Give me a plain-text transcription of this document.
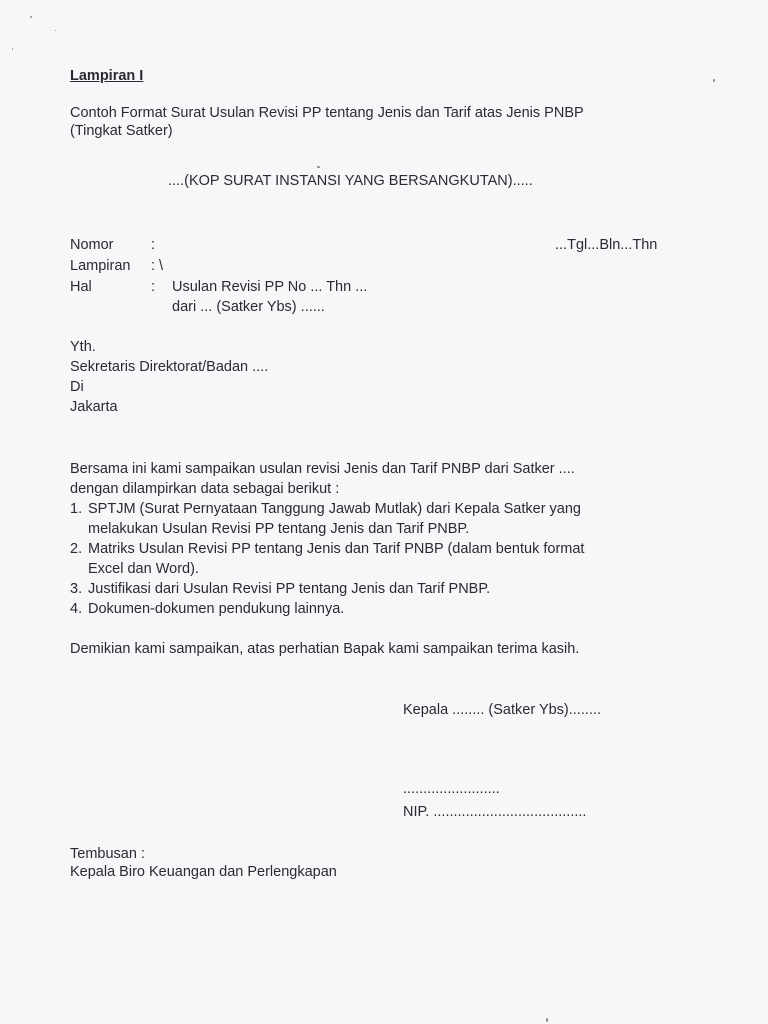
Lampiran I
Contoh Format Surat Usulan Revisi PP tentang Jenis dan Tarif atas Jenis PNBP
(Tingkat Satker)
....(KOP SURAT INSTANSI YANG BERSANGKUTAN).....
Nomor	:	...Tgl...Bln...Thn
Lampiran : \
Hal	: Usulan Revisi PP No ... Thn ...
dari ... (Satker Ybs) ......
Yth.
Sekretaris Direktorat/Badan ....
Di
Jakarta
Bersama ini kami sampaikan usulan revisi Jenis dan Tarif PNBP dari Satker ....
dengan dilampirkan data sebagai berikut :
1. SPTJM (Surat Pernyataan Tanggung Jawab Mutlak) dari Kepala Satker yang
melakukan Usulan Revisi PP tentang Jenis dan Tarif PNBP.
2. Matriks Usulan Revisi PP tentang Jenis dan Tarif PNBP (dalam bentuk format
Excel dan Word).
3. Justifikasi dari Usulan Revisi PP tentang Jenis dan Tarif PNBP.
4. Dokumen-dokumen pendukung lainnya.
Demikian kami sampaikan, atas perhatian Bapak kami sampaikan terima kasih.
Kepala ........ (Satker Ybs)........
........................
NIP. ......................................
Tembusan :
Kepala Biro Keuangan dan Perlengkapan
